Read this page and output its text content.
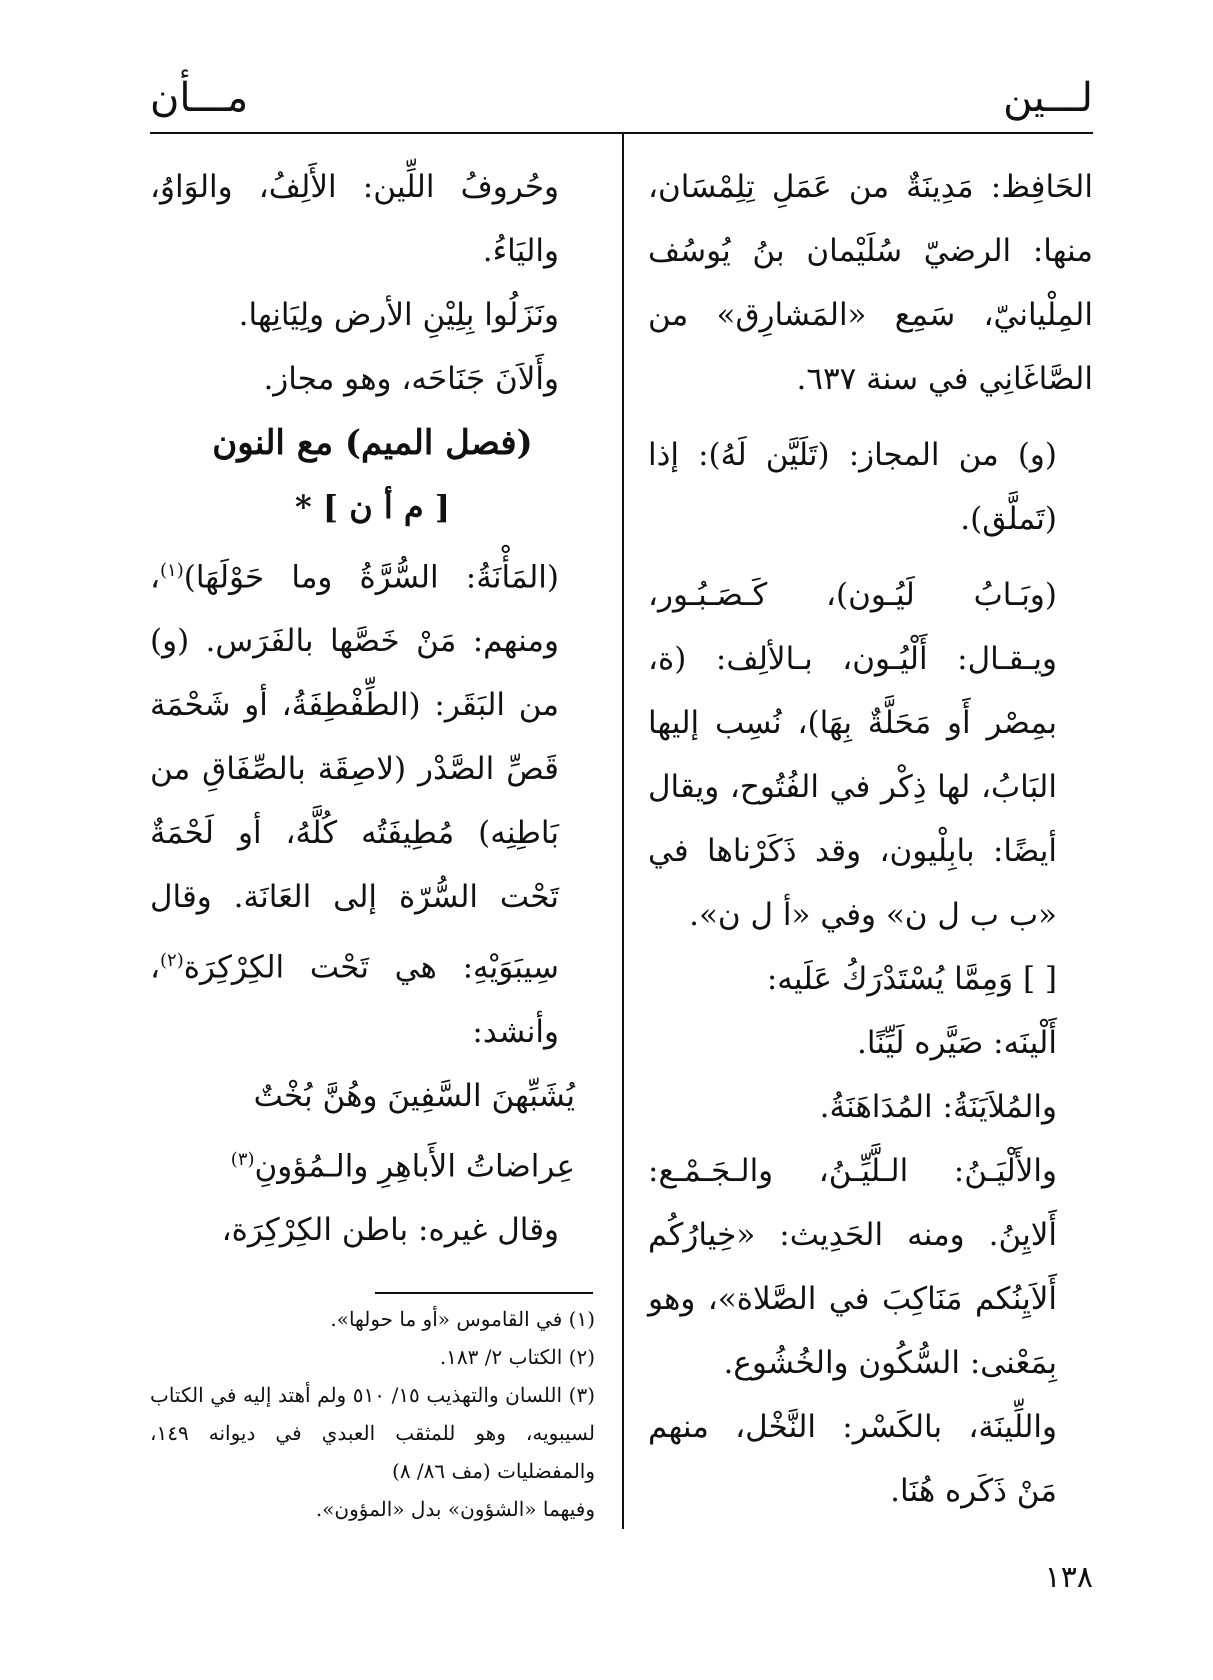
لـــين
مـــأن

الحَافِظ: مَدِينَةٌ من عَمَلِ تِلِمْسَان، منها: الرضيّ سُلَيْمان بنُ يُوسُف المِلْيانيّ، سَمِع «المَشارِق» من الصَّاغَانِي في سنة ٦٣٧.

(و) من المجاز: (تَلَيَّن لَهُ): إذا (تَملَّق).

(وبَـابُ لَيُـون)، كَـصَـبُـور، ويـقـال: أَلْيُـون، بـالألِف: (ة، بمِصْر أَو مَحَلَّةٌ بِهَا)، نُسِب إليها البَابُ، لها ذِكْر في الفُتُوح، ويقال أيضًا: بابِلْيون، وقد ذَكَرْناها في «ب ب ل ن» وفي «أ ل ن».

[ ] وَمِمَّا يُسْتَدْرَكُ عَلَيه:

أَلْينَه: صَيَّره لَيِّنًا.

والمُلاَيَنَةُ: المُدَاهَنَةُ.

والأَلْيَـنُ: الـلَّيِّـنُ، والـجَـمْـع: أَلايِنُ. ومنه الحَدِيث: «خِيارُكُم أَلاَيِنُكم مَنَاكِبَ في الصَّلاة»، وهو بِمَعْنى: السُّكُون والخُشُوع.

واللِّينَة، بالكَسْر: النَّخْل، منهم مَنْ ذَكَره هُنَا.

وحُروفُ اللِّين: الأَلِفُ، والوَاوُ، واليَاءُ.

ونَزَلُوا بِلِيْنِ الأرض ولِيَانِها.

وأَلاَنَ جَنَاحَه، وهو مجاز.

(فصل الميم) مع النون

[ م أ ن ] *

(المَأْنَةُ: السُّرَّةُ وما حَوْلَهَا)$^{(١)}$، ومنهم: مَنْ خَصَّها بالفَرَس. (و) من البَقَر: (الطِّفْطِفَةُ، أو شَحْمَة قَصِّ الصَّدْر (لاصِقَة بالصِّفَاقِ من بَاطِنِه) مُطِيفَتُه كُلَّهُ، أو لَحْمَةٌ تَحْت السُّرّة إلى العَانَة. وقال سِيبَوَيْهِ: هي تَحْت الكِرْكِرَة$^{(٢)}$، وأنشد:

يُشَبِّهنَ السَّفِينَ وهُنَّ بُخْتٌ

عِراضاتُ الأَباهِرِ والـمُؤونِ$^{(٣)}$

وقال غيره: باطن الكِرْكِرَة،

(١) في القاموس «أو ما حولها».

(٢) الكتاب ٢/ ١٨٣.

(٣) اللسان والتهذيب ١٥/ ٥١٠ ولم أهتد إليه في الكتاب لسيبويه، وهو للمثقب العبدي في ديوانه ١٤٩، والمفضليات (مف ٨٦/ ٨)

وفيهما «الشؤون» بدل «المؤون».

١٣٨
